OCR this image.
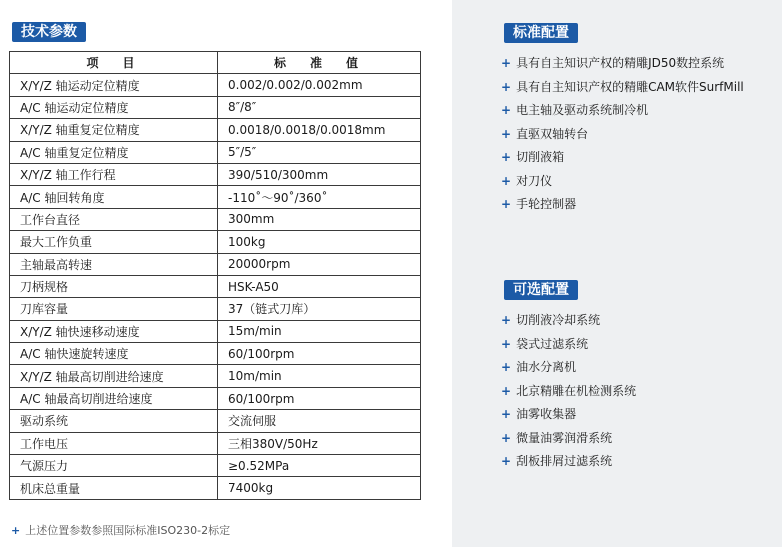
技术参数
项　目	标　准　值
X/Y/Z 轴运动定位精度	0.002/0.002/0.002mm
A/C 轴运动定位精度	8″/8″
X/Y/Z 轴重复定位精度	0.0018/0.0018/0.0018mm
A/C 轴重复定位精度	5″/5″
X/Y/Z 轴工作行程	390/510/300mm
A/C 轴回转角度	-110˚～90˚/360˚
工作台直径	300mm
最大工作负重	100kg
主轴最高转速	20000rpm
刀柄规格	HSK-A50
刀库容量	37（链式刀库）
X/Y/Z 轴快速移动速度	15m/min
A/C 轴快速旋转速度	60/100rpm
X/Y/Z 轴最高切削进给速度	10m/min
A/C 轴最高切削进给速度	60/100rpm
驱动系统	交流伺服
工作电压	三相380V/50Hz
气源压力	≥0.52MPa
机床总重量	7400kg
+ 上述位置参数参照国际标准ISO230-2标定
标准配置
+ 具有自主知识产权的精雕JD50数控系统
+ 具有自主知识产权的精雕CAM软件SurfMill
+ 电主轴及驱动系统制冷机
+ 直驱双轴转台
+ 切削液箱
+ 对刀仪
+ 手轮控制器
可选配置
+ 切削液冷却系统
+ 袋式过滤系统
+ 油水分离机
+ 北京精雕在机检测系统
+ 油雾收集器
+ 微量油雾润滑系统
+ 刮板排屑过滤系统
